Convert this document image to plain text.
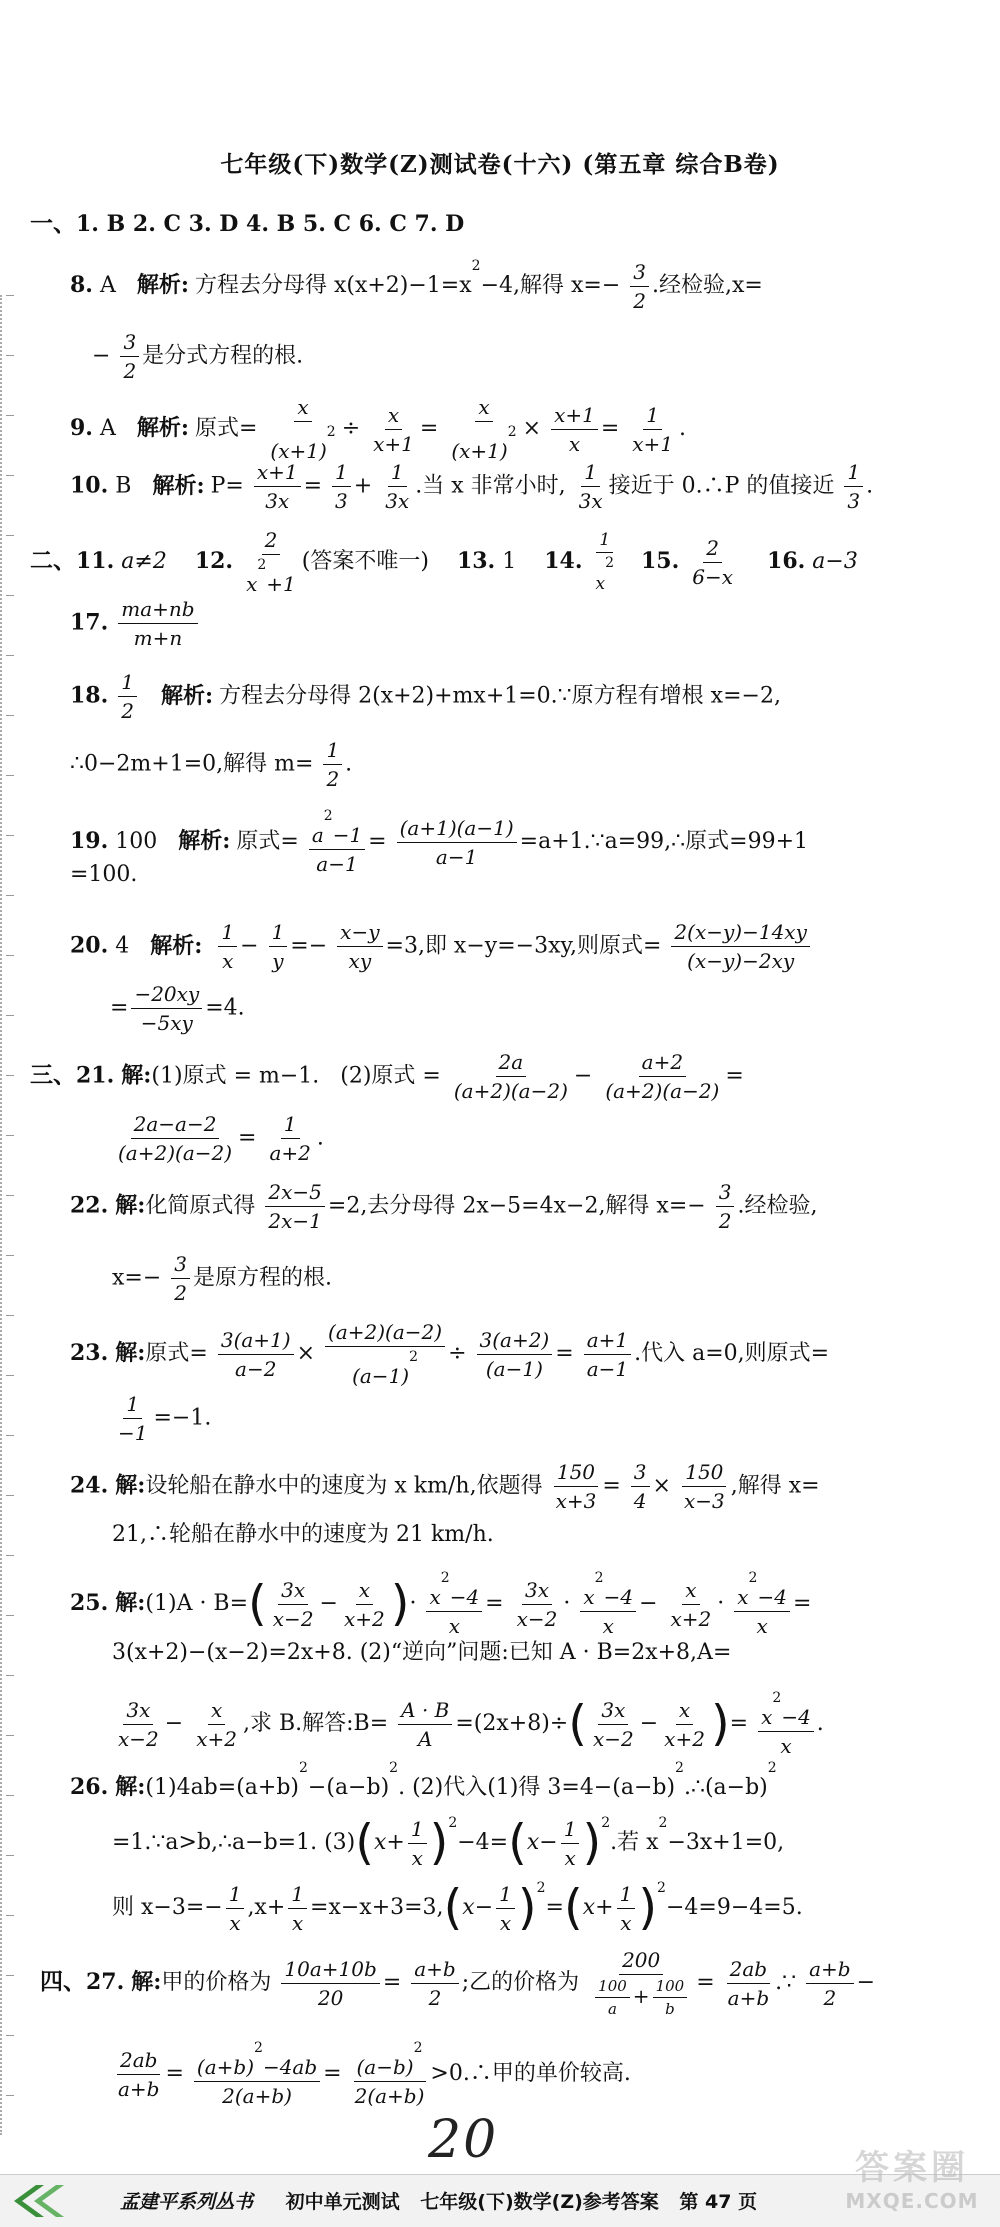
七年级(下)数学(Z)测试卷(十六) (第五章 综合B卷)
一、1. B 2. C 3. D 4. B 5. C 6. C 7. D
8. A 解析: 方程去分母得 $x(x+2)-1=x^2-4$,解得 $x=- \frac{3}{2}$ .经检验,x=
− $\frac{3}{2}$ 是分式方程的根.
9. A 解析: 原式= $\frac{x}{(x+1)^2} \div \frac{x}{x+1} = \frac{x}{(x+1)^2} \times \frac{x+1}{x} = \frac{1}{x+1}$ .
10. B 解析: $P= \frac{x+1}{3x} = \frac{1}{3} + \frac{1}{3x}$ .当 x 非常小时, $\frac{1}{3x}$ 接近于 0.∴P 的值接近 $\frac{1}{3}$ .
二、11. a≠2 12. $\frac{2}{x^2+1}$ (答案不唯一) 13. 1 14. $\frac{1}{x^2} 15$. $\frac{2}{6-x} 16$. a−3
17. $\frac{ma+nb}{m+n}$
18. $\frac{1}{2}$ 解析: 方程去分母得 2(x+2)+mx+1=0.∵原方程有增根 x=−2,
∴0−2m+1=0,解得 $m= \frac{1}{2}$ .
19. 100 解析: 原式= $\frac{a^2-1}{a-1} = \frac{(a+1)(a-1)}{a-1}$ =a+1.∵a=99,∴原式=99+1
=100.
20. 4 解析: $\frac{1}{x} - \frac{1}{y} =- \frac{x-y}{xy} =3$,即 x−y=−3xy,则原式= $\frac{2(x-y)-14xy}{(x-y)-2xy}$
= $\frac{-20xy}{-5xy} =4$.
三、21. 解:(1)原式 = m−1. (2)原式 = $\frac{2a}{(a+2)(a-2)} - \frac{a+2}{(a+2)(a-2)}$ =
$\frac{2a-a-2}{(a+2)(a-2)} = \frac{1}{a+2}$ .
22. 解:化简原式得 $\frac{2x-5}{2x-1} =2$,去分母得 2x−5=4x−2,解得 $x=- \frac{3}{2}$ .经检验,
$x=- \frac{3}{2}$ 是原方程的根.
23. 解:原式= $\frac{3(a+1)}{a-2} \times \frac{(a+2)(a-2)}{(a-1)^2} \div \frac{3(a+2)}{(a-1)} = \frac{a+1}{a-1}$ .代入 a=0,则原式=
$\frac{1}{-1} =-1$.
24. 解:设轮船在静水中的速度为 x km/h,依题得 $\frac{150}{x+3} = \frac{3}{4} \times \frac{150}{x-3}$ ,解得 x=
21,∴轮船在静水中的速度为 21 km/h.
25. 解:(1)A · $B=( \frac{3x}{x-2} - \frac{x}{x+2}$ )· $\frac{x^2-4}{x} = \frac{3x}{x-2} \cdot \frac{x^2-4}{x} - \frac{x}{x+2} \cdot \frac{x^2-4}{x}$ =
3(x+2)−(x−2)=2x+8. (2)“逆向”问题:已知 A · B=2x+8,A=
$\frac{3x}{x-2} - \frac{x}{x+2}$ ,求 B.解答:B= $\frac{A \cdot B}{A} =(2x+8)\div( \frac{3x}{x-2} - \frac{x}{x+2}$ )= $\frac{x^2-4}{x}$ .
26. 解$:(1)4ab=(a+b)^2-(a-b)^2$. (2)代入(1)得 $3=4-(a-b)^2.\therefore(a-b)^2$
=1.∵a>b,∴a−b=1. $(3)(x+ \frac{1}{x} )^2-4=(x- \frac{1}{x} )^2$.若 $x^2-3x+1=0$,
则 $x-3=- \frac{1}{x} ,x+ \frac{1}{x} =x-x+3=3,(x- \frac{1}{x} )^2=(x+ \frac{1}{x} )^2-4=9-4=5$.
四、27. 解:甲的价格为 $\frac{10a+10b}{20} = \frac{a+b}{2}$ ;乙的价格为 $\frac{200}{\frac{100}{a} + \frac{100}{b}} = \frac{2ab}{a+b}$ .∵ $\frac{a+b}{2}$ −
$\frac{2ab}{a+b} = \frac{(a+b)^2-4ab}{2(a+b)} = \frac{(a-b)^2}{2(a+b)}$ >0.∴甲的单价较高.
20
孟建平系列丛书 初中单元测试 七年级(下)数学(Z)参考答案 第 47 页
答案圈
MXQE.COM
